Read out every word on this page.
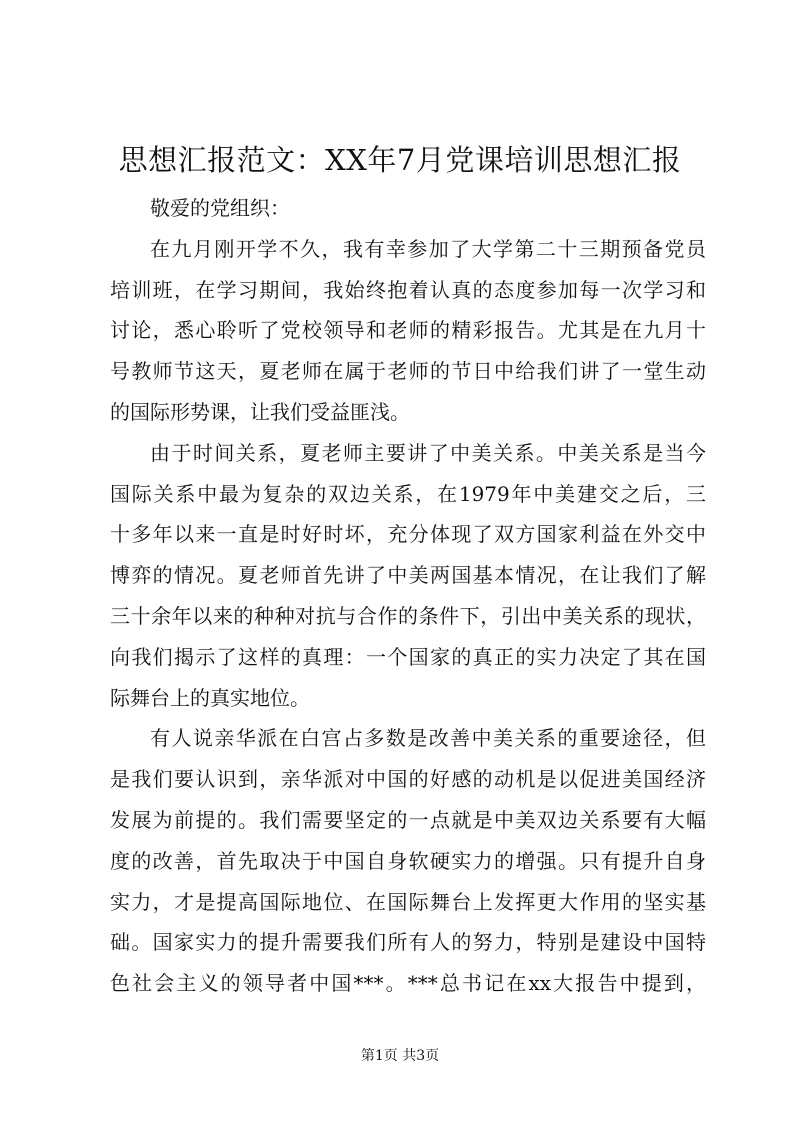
思想汇报范文：XX年7月党课培训思想汇报
敬爱的党组织：
在九月刚开学不久，我有幸参加了大学第二十三期预备党员
培训班，在学习期间，我始终抱着认真的态度参加每一次学习和
讨论，悉心聆听了党校领导和老师的精彩报告。尤其是在九月十
号教师节这天，夏老师在属于老师的节日中给我们讲了一堂生动
的国际形势课，让我们受益匪浅。
由于时间关系，夏老师主要讲了中美关系。中美关系是当今
国际关系中最为复杂的双边关系，在1979年中美建交之后，三
十多年以来一直是时好时坏，充分体现了双方国家利益在外交中
博弈的情况。夏老师首先讲了中美两国基本情况，在让我们了解
三十余年以来的种种对抗与合作的条件下，引出中美关系的现状，
向我们揭示了这样的真理：一个国家的真正的实力决定了其在国
际舞台上的真实地位。
有人说亲华派在白宫占多数是改善中美关系的重要途径，但
是我们要认识到，亲华派对中国的好感的动机是以促进美国经济
发展为前提的。我们需要坚定的一点就是中美双边关系要有大幅
度的改善，首先取决于中国自身软硬实力的增强。只有提升自身
实力，才是提高国际地位、在国际舞台上发挥更大作用的坚实基
础。国家实力的提升需要我们所有人的努力，特别是建设中国特
色社会主义的领导者中国***。***总书记在xx大报告中提到，
第1页 共3页
